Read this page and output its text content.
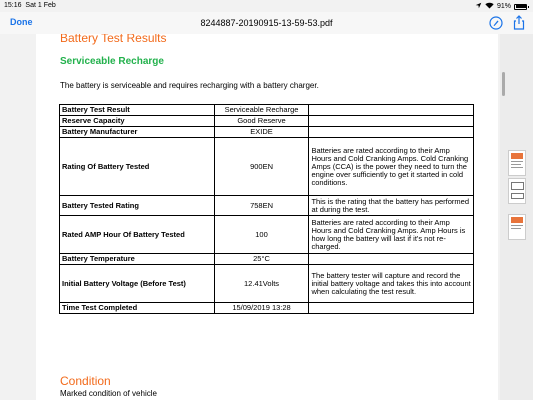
15:16 Sat 1 Feb	91%
Done	8244887-20190915-13-59-53.pdf
Battery Test Results
Serviceable Recharge
The battery is serviceable and requires recharging with a battery charger.
Battery Test Result	Serviceable Recharge	
Reserve Capacity	Good Reserve	
Battery Manufacturer	EXIDE	
Rating Of Battery Tested	900EN	Batteries are rated according to their Amp Hours and Cold Cranking Amps. Cold Cranking Amps (CCA) is the power they need to turn the engine over sufficiently to get it started in cold conditions.
Battery Tested Rating	758EN	This is the rating that the battery has performed at during the test.
Rated AMP Hour Of Battery Tested	100	Batteries are rated according to their Amp Hours and Cold Cranking Amps. Amp Hours is how long the battery will last if it's not re-charged.
Battery Temperature	25°C	
Initial Battery Voltage (Before Test)	12.41Volts	The battery tester will capture and record the initial battery voltage and takes this into account when calculating the test result.
Time Test Completed	15/09/2019 13:28	
Condition
Marked condition of vehicle
